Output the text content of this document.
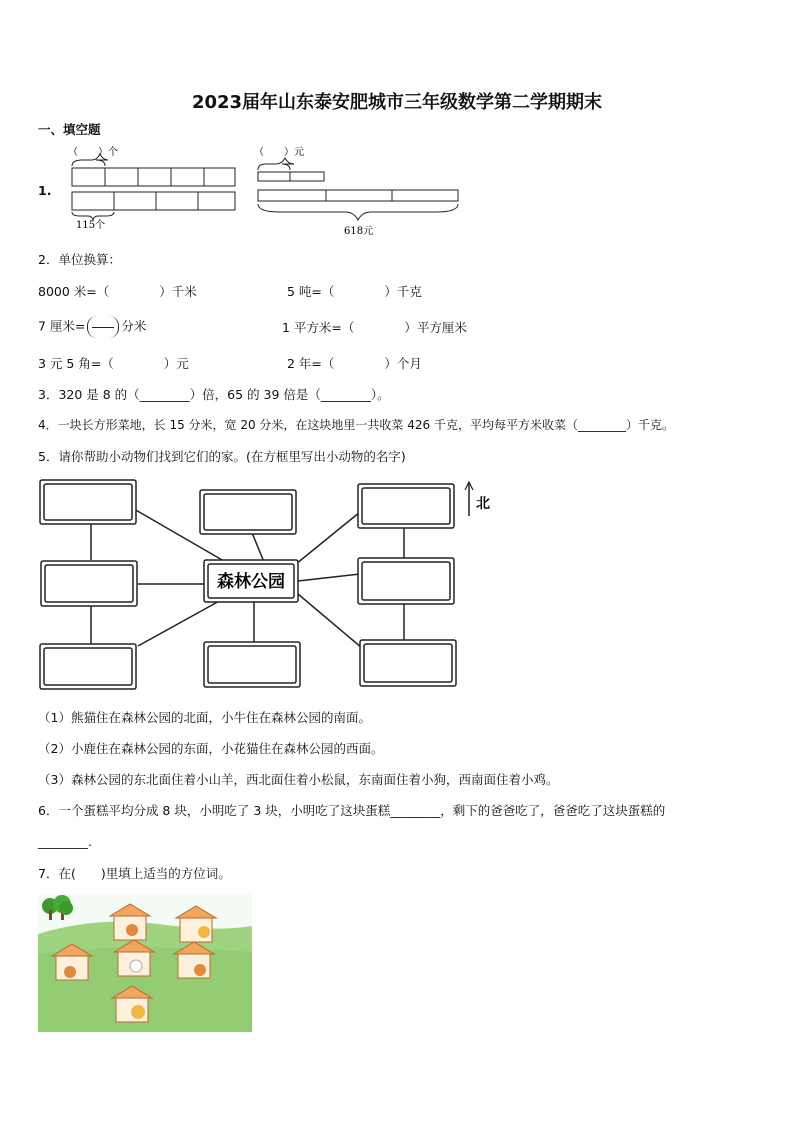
2023届年山东泰安肥城市三年级数学第二学期期末
一、填空题
1.
（　　）个
115个
（　　）元
618元
2．单位换算：
8000 米=（　　　　）千米	5 吨=（　　　　）千克
7 厘米=	分米	1 平方米=（　　　　）平方厘米
3 元 5 角=（　　　　）元	2 年=（　　　　）个月
3．320 是 8 的（________）倍，65 的 39 倍是（________）。
4．一块长方形菜地，长 15 分米，宽 20 分米，在这块地里一共收菜 426 千克，平均每平方米收菜（________）千克。
5．请你帮助小动物们找到它们的家。(在方框里写出小动物的名字)
森林公园
北
（1）熊猫住在森林公园的北面，小牛住在森林公园的南面。
（2）小鹿住在森林公园的东面，小花猫住在森林公园的西面。
（3）森林公园的东北面住着小山羊，西北面住着小松鼠，东南面住着小狗，西南面住着小鸡。
6．一个蛋糕平均分成 8 块，小明吃了 3 块，小明吃了这块蛋糕________，剩下的爸爸吃了，爸爸吃了这块蛋糕的
________.
7．在(　　)里填上适当的方位词。
